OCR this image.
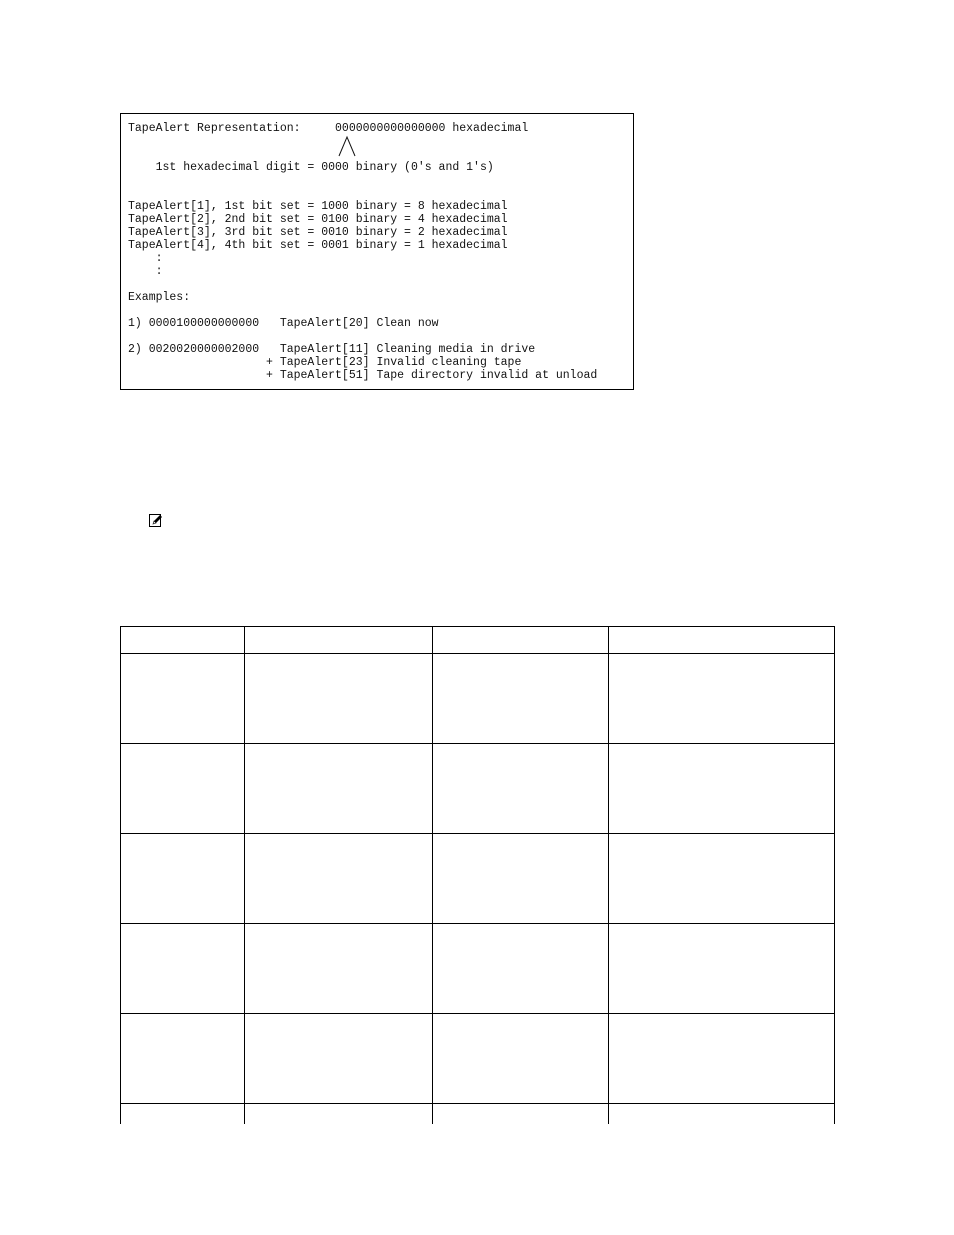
TapeAlert Representation:     0000000000000000 hexadecimal

1st hexadecimal digit = 0000 binary (0's and 1's)

TapeAlert[1], 1st bit set = 1000 binary = 8 hexadecimal
TapeAlert[2], 2nd bit set = 0100 binary = 4 hexadecimal
TapeAlert[3], 3rd bit set = 0010 binary = 2 hexadecimal
TapeAlert[4], 4th bit set = 0001 binary = 1 hexadecimal
:
:

Examples:

1) 0000100000000000   TapeAlert[20] Clean now

2) 0020020000002000   TapeAlert[11] Cleaning media in drive
+ TapeAlert[23] Invalid cleaning tape
+ TapeAlert[51] Tape directory invalid at unload
